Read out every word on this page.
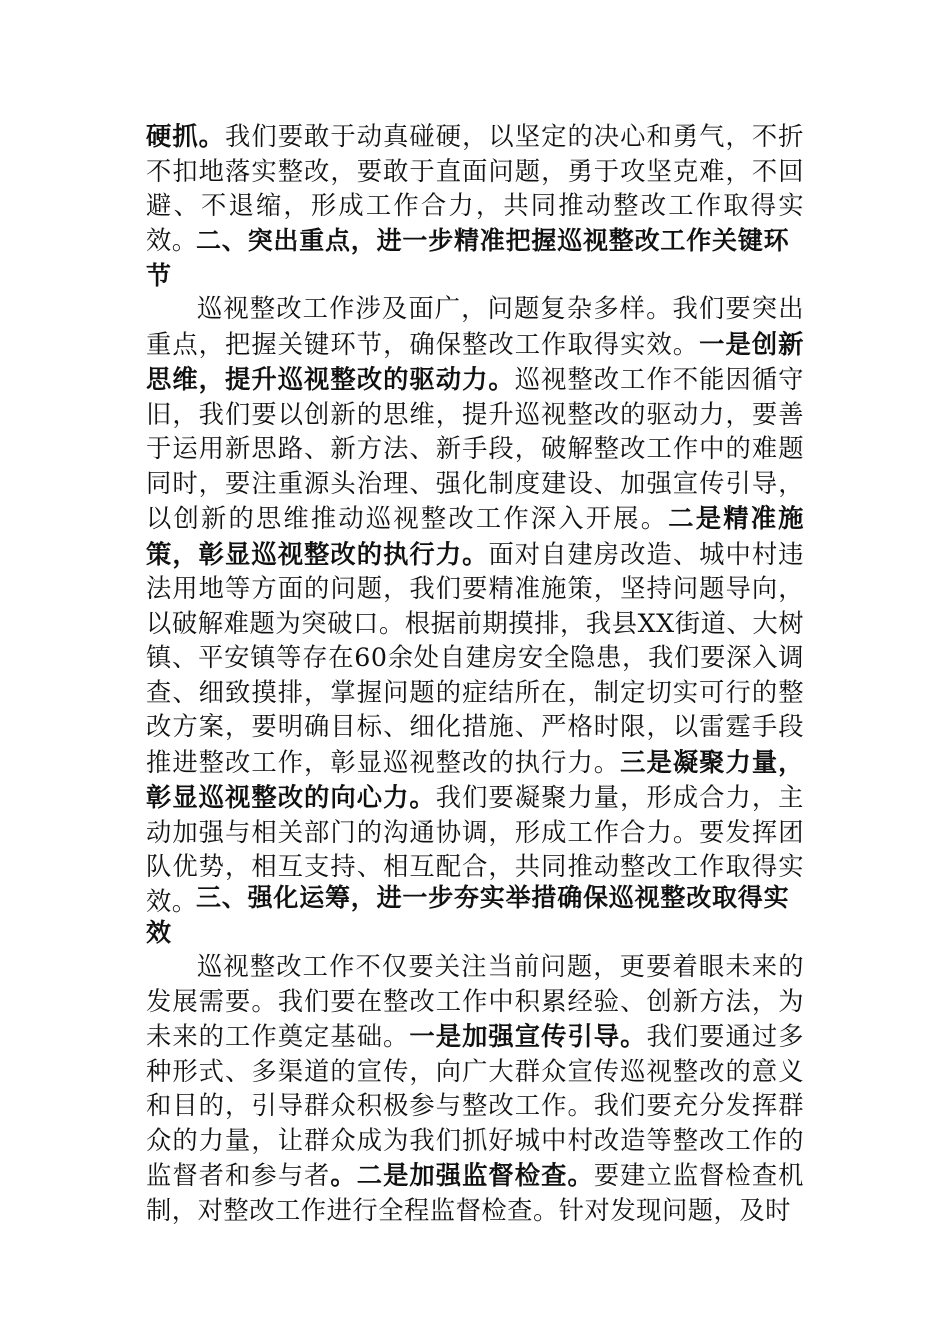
硬抓。我们要敢于动真碰硬，以坚定的决心和勇气，不折不扣地落实整改，要敢于直面问题，勇于攻坚克难，不回避、不退缩，形成工作合力，共同推动整改工作取得实效。

二、突出重点，进一步精准把握巡视整改工作关键环节

巡视整改工作涉及面广，问题复杂多样。我们要突出重点，把握关键环节，确保整改工作取得实效。一是创新思维，提升巡视整改的驱动力。巡视整改工作不能因循守旧，我们要以创新的思维，提升巡视整改的驱动力，要善于运用新思路、新方法、新手段，破解整改工作中的难题同时，要注重源头治理、强化制度建设、加强宣传引导，以创新的思维推动巡视整改工作深入开展。二是精准施策，彰显巡视整改的执行力。面对自建房改造、城中村违法用地等方面的问题，我们要精准施策，坚持问题导向，以破解难题为突破口。根据前期摸排，我县XX街道、大树镇、平安镇等存在60余处自建房安全隐患，我们要深入调查、细致摸排，掌握问题的症结所在，制定切实可行的整改方案，要明确目标、细化措施、严格时限，以雷霆手段推进整改工作，彰显巡视整改的执行力。三是凝聚力量，彰显巡视整改的向心力。我们要凝聚力量，形成合力，主动加强与相关部门的沟通协调，形成工作合力。要发挥团队优势，相互支持、相互配合，共同推动整改工作取得实效。

三、强化运筹，进一步夯实举措确保巡视整改取得实效

巡视整改工作不仅要关注当前问题，更要着眼未来的发展需要。我们要在整改工作中积累经验、创新方法，为未来的工作奠定基础。一是加强宣传引导。我们要通过多种形式、多渠道的宣传，向广大群众宣传巡视整改的意义和目的，引导群众积极参与整改工作。我们要充分发挥群众的力量，让群众成为我们抓好城中村改造等整改工作的监督者和参与者。二是加强监督检查。要建立监督检查机制，对整改工作进行全程监督检查。针对发现问题，及时
